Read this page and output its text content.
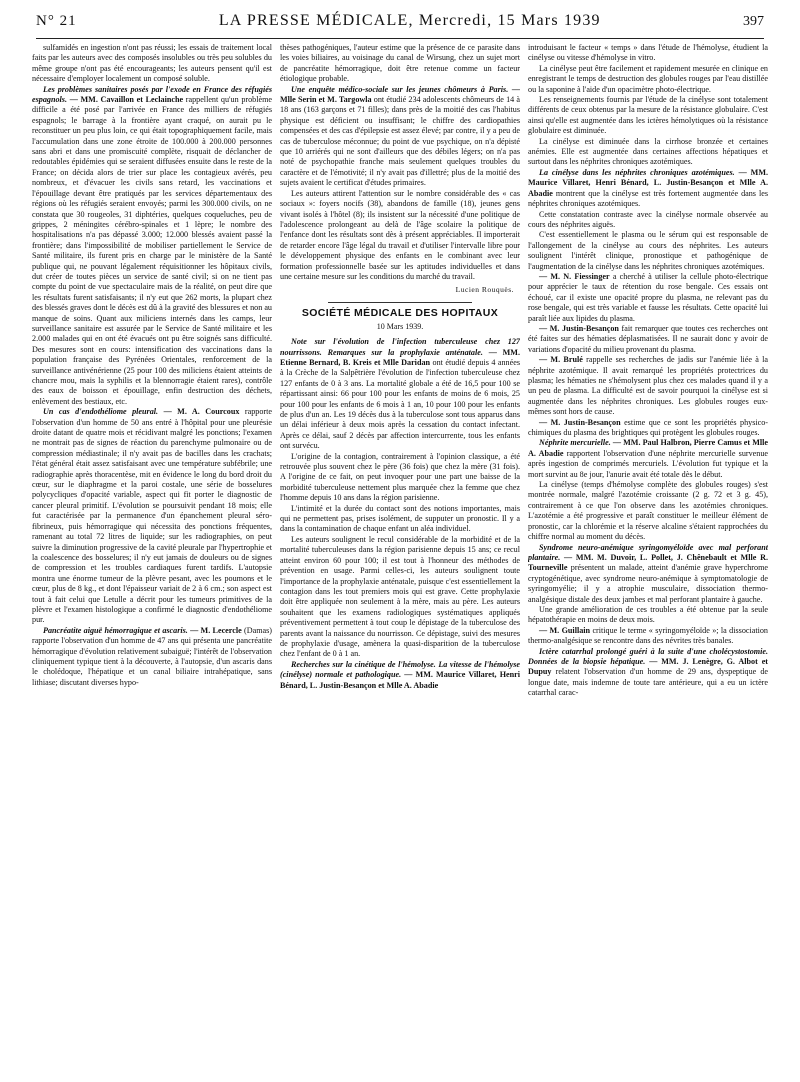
N° 21	LA PRESSE MÉDICALE, Mercredi, 15 Mars 1939	397

sulfamidés en ingestion n'ont pas réussi; les essais de traitement local faits par les auteurs avec des composés insolubles ou très peu solubles du même groupe n'ont pas été encourageants; les auteurs pensent qu'il est nécessaire d'employer localement un composé soluble.

Les problèmes sanitaires posés par l'exode en France des réfugiés espagnols. — MM. Cavaillon et Leclainche rappellent qu'un problème difficile a été posé par l'arrivée en France des milliers de réfugiés espagnols; le barrage à la frontière ayant craqué, on aurait pu le reconstituer un peu plus loin, ce qui était topographiquement facile, mais l'accumulation dans une zone étroite de 100.000 à 200.000 personnes sans abri et dans une promiscuité complète, risquait de déclancher de redoutables épidémies qui se seraient diffusées ensuite dans le reste de la France; on décida alors de trier sur place les contagieux avérés, peu nombreux, et d'évacuer les civils sans retard, les vaccinations et l'épouillage devant être pratiqués par les services départementaux des régions où les réfugiés seraient envoyés; parmi les 300.000 civils, on ne constata que 30 rougeoles, 31 diphtéries, quelques coqueluches, peu de grippes, 2 méningites cérébro-spinales et 1 lèpre; le nombre des hospitalisations n'a pas dépassé 3.000; 12.000 blessés avaient passé la frontière; dans l'impossibilité de mobiliser partiellement le Service de Santé militaire, ils furent pris en charge par le ministère de la Santé publique qui, ne pouvant légalement réquisitionner les hôpitaux civils, dut créer de toutes pièces un service de santé civil; si on ne tient pas compte du point de vue spectaculaire mais de la réalité, on peut dire que les résultats furent satisfaisants; il n'y eut que 262 morts, la plupart chez des blessés graves dont le décès est dû à la gravité des blessures et non au manque de soins. Quant aux miliciens internés dans les camps, leur surveillance sanitaire est assurée par le Service de Santé militaire et les 2.000 malades qui en ont été évacués ont pu être soignés sans difficulté. Des mesures sont en cours: intensification des vaccinations dans la population française des Pyrénées Orientales, renforcement de la surveillance antivénérienne (25 pour 100 des miliciens étaient atteints de chancre mou, mais la syphilis et la blennorragie étaient rares), contrôle des eaux de boisson et épouillage, enfin destruction des déchets, enlèvement des bestiaux, etc.

Un cas d'endothéliome pleural. — M. A. Courcoux rapporte l'observation d'un homme de 50 ans entré à l'hôpital pour une pleurésie droite datant de quatre mois et récidivant malgré les ponctions; l'examen ne montrait pas de signes de réaction du parenchyme pulmonaire ou de compression médiastinale; il n'y avait pas de bacilles dans les crachats; l'état général était assez satisfaisant avec une température subfébrile; une radiographie après thoracentèse, mit en évidence le long du bord droit du cœur, sur le diaphragme et la paroi costale, une série de bosselures polycycliques d'opacité variable, aspect qui fit porter le diagnostic de cancer pleural primitif. L'évolution se poursuivit pendant 18 mois; elle fut caractérisée par la permanence d'un épanchement pleural séro-fibrineux, puis hémorragique qui nécessita des ponctions fréquentes, ramenant au total 72 litres de liquide; sur les radiographies, on peut suivre la diminution progressive de la cavité pleurale par l'hypertrophie et la coalescence des bosselures; il n'y eut jamais de douleurs ou de signes de compression et les troubles cardiaques furent tardifs. L'autopsie montra une énorme tumeur de la plèvre pesant, avec les poumons et le cœur, plus de 8 kg., et dont l'épaisseur variait de 2 à 6 cm.; son aspect est tout à fait celui que Letulle a décrit pour les tumeurs primitives de la plèvre et l'examen histologique a confirmé le diagnostic d'endothéliome pur.

Pancréatite aiguë hémorragique et ascaris. — M. Lecercle (Damas) rapporte l'observation d'un homme de 47 ans qui présenta une pancréatite hémorragique d'évolution relativement subaiguë; l'intérêt de l'observation cliniquement typique tient à la découverte, à l'autopsie, d'un ascaris dans le cholédoque, l'hépatique et un canal biliaire intrahépatique, sans lithiase; discutant diverses hypo-

thèses pathogéniques, l'auteur estime que la présence de ce parasite dans les voies biliaires, au voisinage du canal de Wirsung, chez un sujet mort de pancréatite hémorragique, doit être retenue comme un facteur étiologique probable.

Une enquête médico-sociale sur les jeunes chômeurs à Paris. — Mlle Serin et M. Targowla ont étudié 234 adolescents chômeurs de 14 à 18 ans (163 garçons et 71 filles); dans près de la moitié des cas l'habitus physique est déficient ou insuffisant; le chiffre des cardiopathies compensées et des cas d'épilepsie est assez élevé; par contre, il y a peu de cas de tuberculose méconnue; du point de vue psychique, on n'a dépisté que 10 arriérés qui ne sont d'ailleurs que des débiles légers; on n'a pas noté de psychopathie franche mais seulement quelques troubles du caractère et de l'émotivité; il n'y avait pas d'illettré; plus de la moitié des sujets avaient le certificat d'études primaires.

Les auteurs attirent l'attention sur le nombre considérable des « cas sociaux »: foyers nocifs (38), abandons de famille (18), jeunes gens vivant isolés à l'hôtel (8); ils insistent sur la nécessité d'une politique de l'adolescence prolongeant au delà de l'âge scolaire la politique de l'enfance dont les résultats sont dès à présent appréciables. Il importerait de retarder encore l'âge légal du travail et d'utiliser l'intervalle libre pour le développement physique des enfants en le combinant avec leur formation professionnelle basée sur les aptitudes individuelles et dans une certaine mesure sur les conditions du marché du travail.

Lucien Rouquès.
SOCIÉTÉ MÉDICALE DES HOPITAUX
10 Mars 1939.

Note sur l'évolution de l'infection tuberculeuse chez 127 nourrissons. Remarques sur la prophylaxie anténatale. — MM. Etienne Bernard, B. Kreis et Mlle Daridan ont étudié depuis 4 années à la Crèche de la Salpêtrière l'évolution de l'infection tuberculeuse chez 127 enfants de 0 à 3 ans. La mortalité globale a été de 16,5 pour 100 se répartissant ainsi: 66 pour 100 pour les enfants de moins de 6 mois, 25 pour 100 pour les enfants de 6 mois à 1 an, 10 pour 100 pour les enfants de plus d'un an. Les 19 décès dus à la tuberculose sont tous apparus dans un délai inférieur à deux mois après la cessation du contact infectant. Après ce délai, sauf 2 décès par affection intercurrente, tous les enfants ont survécu.

L'origine de la contagion, contrairement à l'opinion classique, a été retrouvée plus souvent chez le père (36 fois) que chez la mère (31 fois). A l'origine de ce fait, on peut invoquer pour une part une baisse de la morbidité tuberculeuse nettement plus marquée chez la femme que chez l'homme depuis 10 ans dans la région parisienne.

L'intimité et la durée du contact sont des notions importantes, mais qui ne permettent pas, prises isolément, de supputer un pronostic. Il y a dans la contamination de chaque enfant un aléa individuel.

Les auteurs soulignent le recul considérable de la morbidité et de la mortalité tuberculeuses dans la région parisienne depuis 15 ans; ce recul atteint environ 60 pour 100; il est tout à l'honneur des méthodes de prévention en usage. Parmi celles-ci, les auteurs soulignent toute l'importance de la prophylaxie anténatale, puisque c'est essentiellement la contagion dans les tout premiers mois qui est grave. Cette prophylaxie doit être appliquée non seulement à la mère, mais au père. Les auteurs souhaitent que les examens radiologiques systématiques appliqués préventivement permettent à tout coup le dépistage de la tuberculose des parents avant la naissance du nourrisson. Ce dépistage, suivi des mesures de prophylaxie d'usage, amènera la quasi-disparition de la tuberculose chez l'enfant de 0 à 1 an.

Recherches sur la cinétique de l'hémolyse. La vitesse de l'hémolyse (cinélyse) normale et pathologique. — MM. Maurice Villaret, Henri Bénard, L. Justin-Besançon et Mlle A. Abadie

introduisant le facteur « temps » dans l'étude de l'hémolyse, étudient la cinélyse ou vitesse d'hémolyse in vitro.

La cinélyse peut être facilement et rapidement mesurée en clinique en enregistrant le temps de destruction des globules rouges par l'eau distillée ou la saponine à l'aide d'un opacimètre photo-électrique.

Les renseignements fournis par l'étude de la cinélyse sont totalement différents de ceux obtenus par la mesure de la résistance globulaire. C'est ainsi qu'elle est augmentée dans les ictères hémolytiques où la résistance globulaire est diminuée.

La cinélyse est diminuée dans la cirrhose bronzée et certaines anémies. Elle est augmentée dans certaines affections hépatiques et surtout dans les néphrites chroniques azotémiques.

La cinélyse dans les néphrites chroniques azotémiques. — MM. Maurice Villaret, Henri Bénard, L. Justin-Besançon et Mlle A. Abadie montrent que la cinélyse est très fortement augmentée dans les néphrites chroniques azotémiques.

Cette constatation contraste avec la cinélyse normale observée au cours des néphrites aiguës.

C'est essentiellement le plasma ou le sérum qui est responsable de l'allongement de la cinélyse au cours des néphrites. Les auteurs soulignent l'intérêt clinique, pronostique et pathogénique de l'augmentation de la cinélyse dans les néphrites chroniques azotémiques.

— M. N. Fiessinger a cherché à utiliser la cellule photo-électrique pour apprécier le taux de rétention du rose bengale. Ces essais ont échoué, car il existe une opacité propre du plasma, ne relevant pas du rose bengale, qui est très variable et fausse les résultats. Cette opacité lui paraît liée aux lipides du plasma.

— M. Justin-Besançon fait remarquer que toutes ces recherches ont été faites sur des hématies déplasmatisées. Il ne saurait donc y avoir de variations d'opacité du milieu provenant du plasma.

— M. Brulé rappelle ses recherches de jadis sur l'anémie liée à la néphrite azotémique. Il avait remarqué les propriétés protectrices du plasma; les hématies ne s'hémolysent plus chez ces malades quand il y a un peu de plasma. La difficulté est de savoir pourquoi la cinélyse est si augmentée dans les néphrites chroniques. Les globules rouges eux-mêmes sont hors de cause.

— M. Justin-Besançon estime que ce sont les propriétés physico-chimiques du plasma des brightiques qui protègent les globules rouges.

Néphrite mercurielle. — MM. Paul Halbron, Pierre Camus et Mlle A. Abadie rapportent l'observation d'une néphrite mercurielle survenue après ingestion de comprimés mercuriels. L'évolution fut typique et la mort survint au 8e jour, l'anurie avait été totale dès le début.

La cinélyse (temps d'hémolyse complète des globules rouges) s'est montrée normale, malgré l'azotémie croissante (2 g. 72 et 3 g. 45), contrairement à ce que l'on observe dans les azotémies chroniques. L'azotémie a été progressive et paraît constituer le meilleur élément de pronostic, car la chlorémie et la réserve alcaline s'étaient rapprochées du chiffre normal au moment du décès.

Syndrome neuro-anémique syringomyéloïde avec mal perforant plantaire. — MM. M. Duvoir, L. Pollet, J. Chênebault et Mlle R. Tourneville présentent un malade, atteint d'anémie grave hyperchrome cryptogénétique, avec syndrome neuro-anémique à symptomatologie de syringomyélie; il y a atrophie musculaire, dissociation thermo-analgésique distale des deux jambes et mal perforant plantaire à gauche.

Une grande amélioration de ces troubles a été obtenue par la seule hépatothérapie en moins de deux mois.

— M. Guillain critique le terme « syringomyéloïde »; la dissociation thermo-analgésique se rencontre dans des névrites très banales.

Ictère catarrhal prolongé guéri à la suite d'une cholécystostomie. Données de la biopsie hépatique. — MM. J. Lenègre, G. Albot et Dupuy relatent l'observation d'un homme de 29 ans, dyspeptique de longue date, mais indemne de toute tare antérieure, qui a eu un ictère catarrhal carac-
